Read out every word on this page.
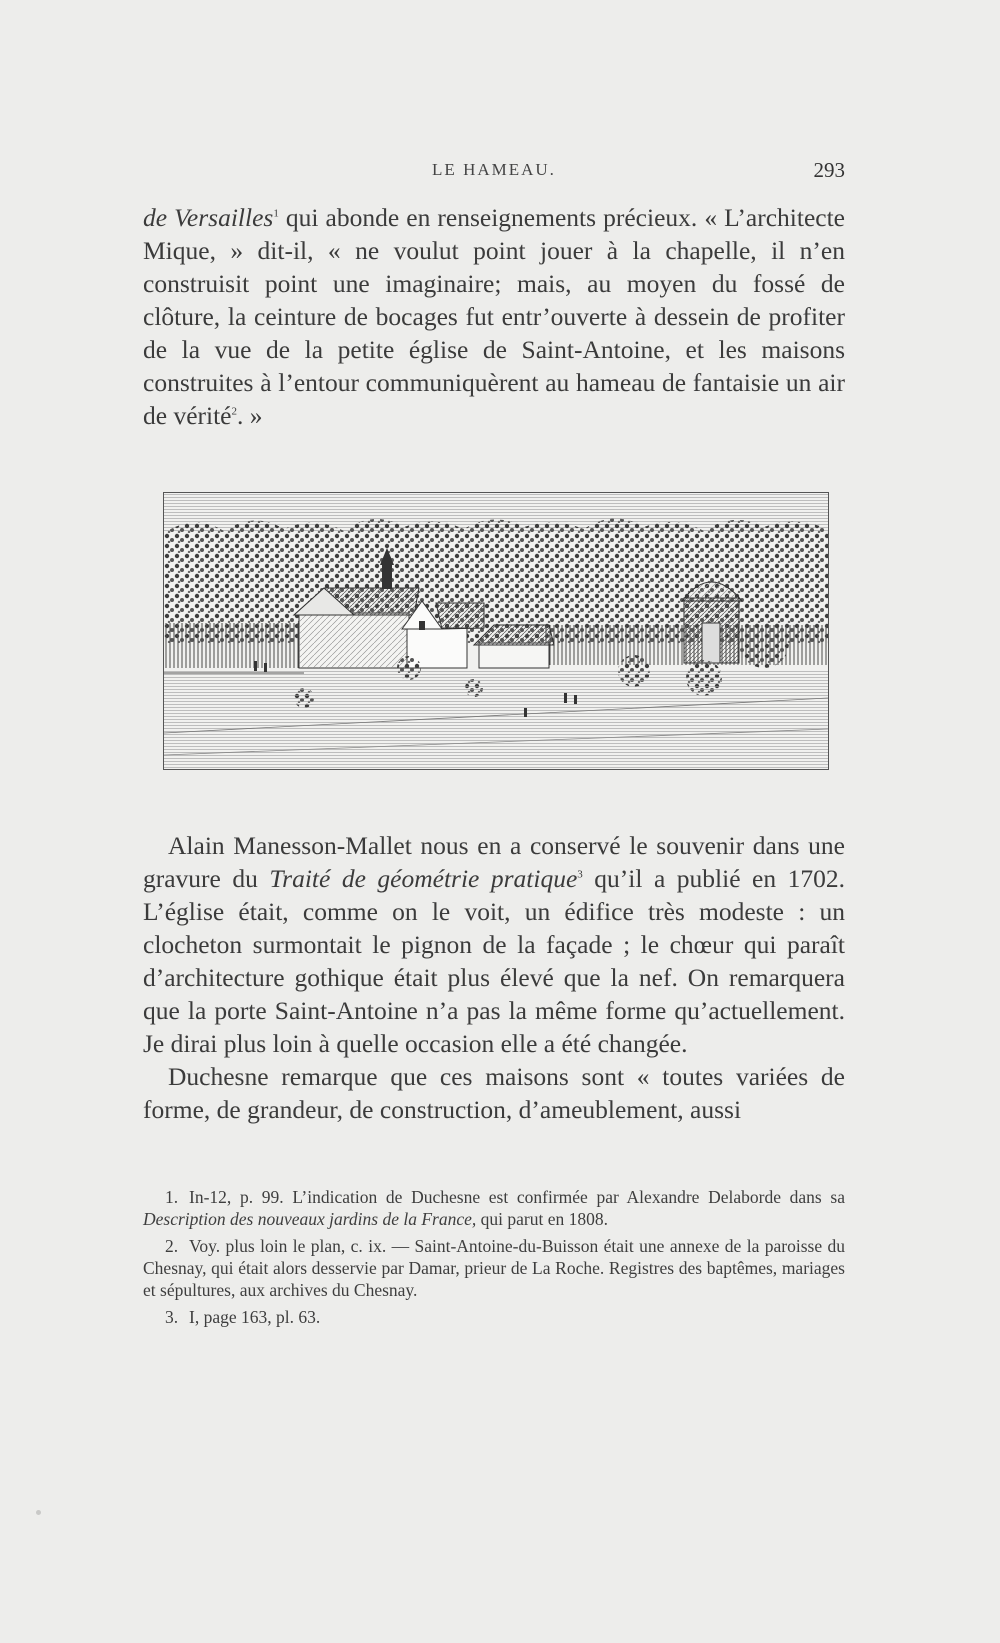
LE HAMEAU.	293

de Versailles$^1$ qui abonde en renseignements précieux. « L’architecte Mique, » dit-il, « ne voulut point jouer à la chapelle, il n’en construisit point une imaginaire; mais, au moyen du fossé de clôture, la ceinture de bocages fut entr’ouverte à dessein de profiter de la vue de la petite église de Saint-Antoine, et les maisons construites à l’entour communiquèrent au hameau de fantaisie un air de vérité$^2$. »

Alain Manesson-Mallet nous en a conservé le souvenir dans une gravure du Traité de géométrie pratique$^3$ qu’il a publié en 1702. L’église était, comme on le voit, un édifice très modeste : un clocheton surmontait le pignon de la façade ; le chœur qui paraît d’architecture gothique était plus élevé que la nef. On remarquera que la porte Saint-Antoine n’a pas la même forme qu’actuellement. Je dirai plus loin à quelle occasion elle a été changée.

Duchesne remarque que ces maisons sont « toutes variées de forme, de grandeur, de construction, d’ameublement, aussi

1. In-12, p. 99. L’indication de Duchesne est confirmée par Alexandre Delaborde dans sa Description des nouveaux jardins de la France, qui parut en 1808.

2. Voy. plus loin le plan, c. ix. — Saint-Antoine-du-Buisson était une annexe de la paroisse du Chesnay, qui était alors desservie par Damar, prieur de La Roche. Registres des baptêmes, mariages et sépultures, aux archives du Chesnay.

3. I, page 163, pl. 63.
